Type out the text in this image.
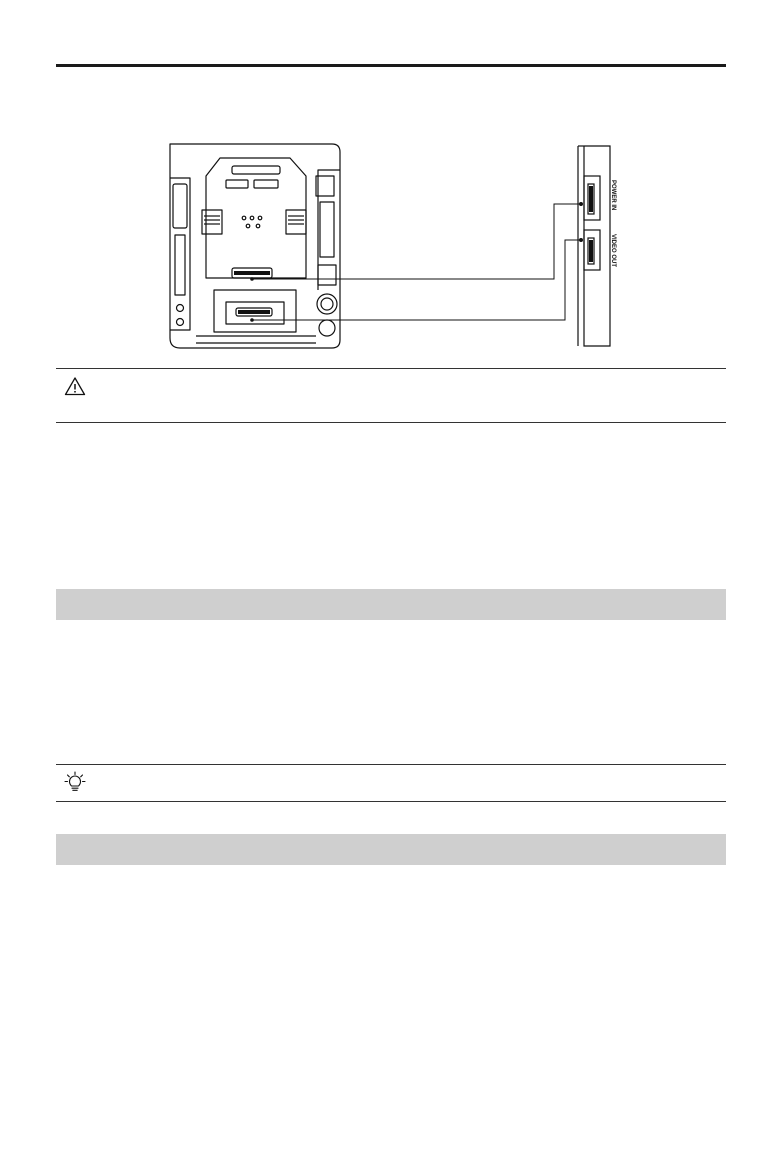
POWER IN
VIDEO OUT
